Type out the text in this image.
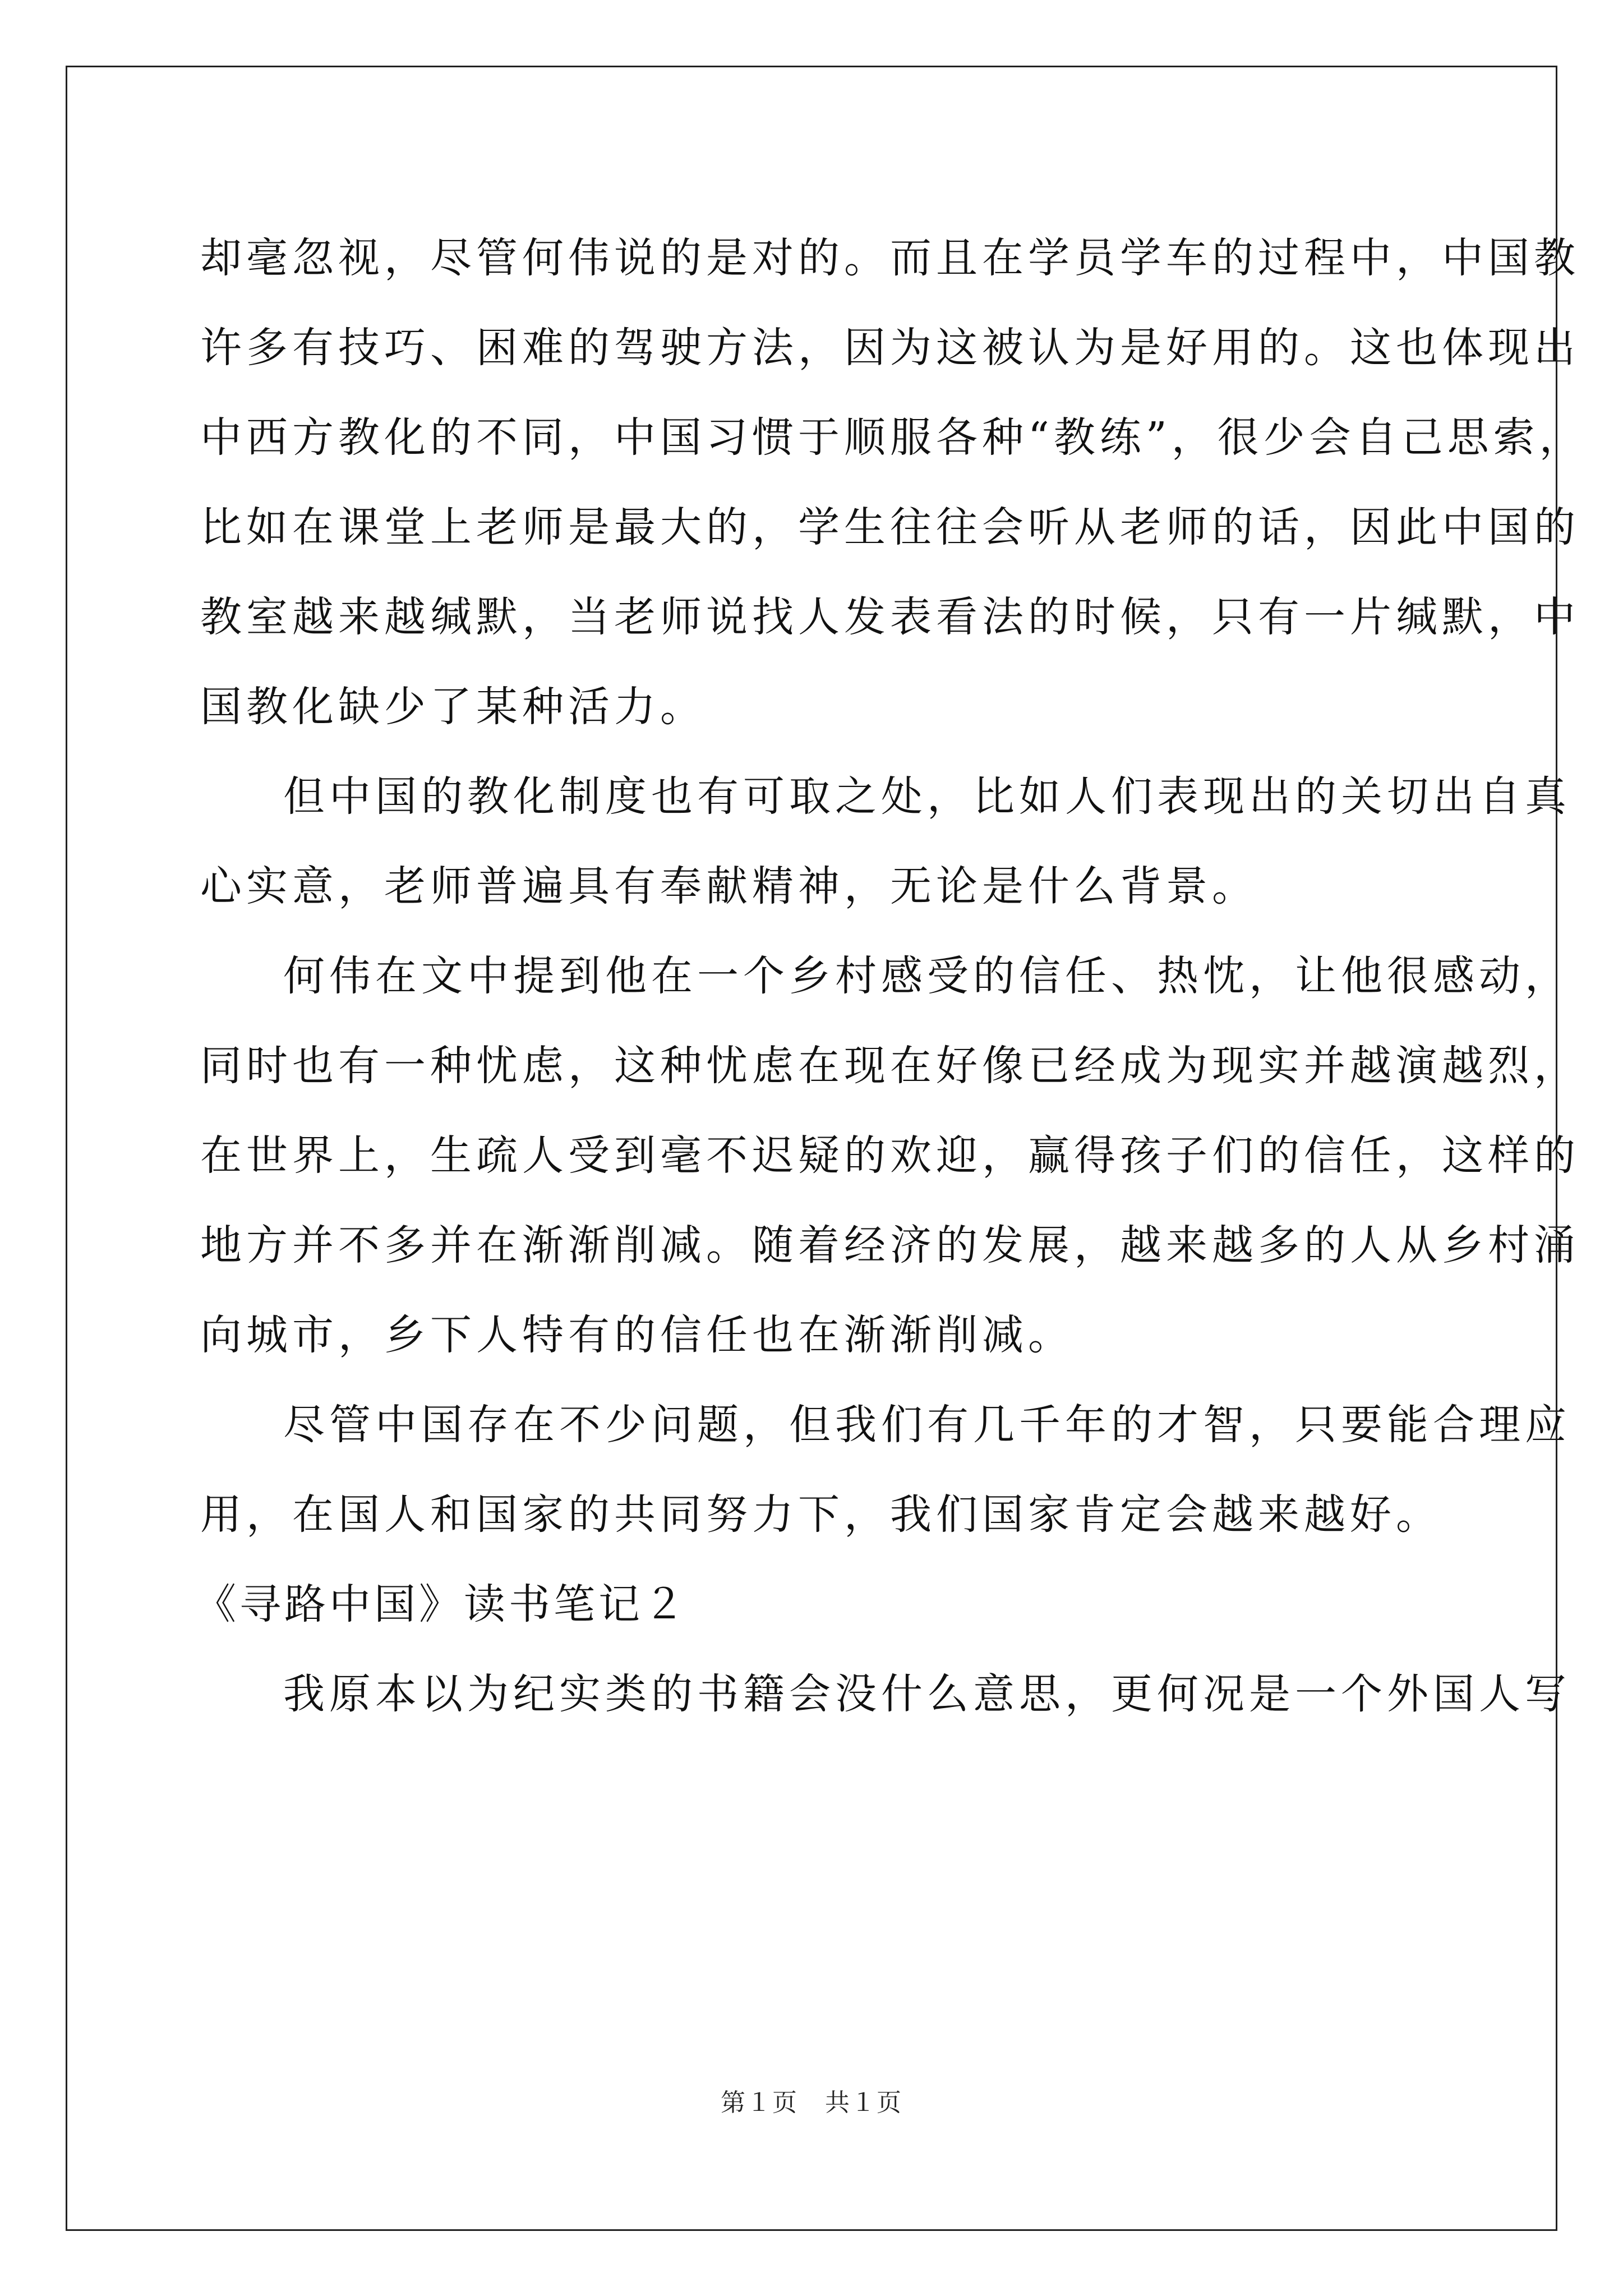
却毫忽视，尽管何伟说的是对的。而且在学员学车的过程中，中国教
许多有技巧、困难的驾驶方法，因为这被认为是好用的。这也体现出
中西方教化的不同，中国习惯于顺服各种“教练”，很少会自己思索，
比如在课堂上老师是最大的，学生往往会听从老师的话，因此中国的
教室越来越缄默，当老师说找人发表看法的时候，只有一片缄默，中
国教化缺少了某种活力。
但中国的教化制度也有可取之处，比如人们表现出的关切出自真
心实意，老师普遍具有奉献精神，无论是什么背景。
何伟在文中提到他在一个乡村感受的信任、热忱，让他很感动，
同时也有一种忧虑，这种忧虑在现在好像已经成为现实并越演越烈，
在世界上，生疏人受到毫不迟疑的欢迎，赢得孩子们的信任，这样的
地方并不多并在渐渐削减。随着经济的发展，越来越多的人从乡村涌
向城市，乡下人特有的信任也在渐渐削减。
尽管中国存在不少问题，但我们有几千年的才智，只要能合理应
用，在国人和国家的共同努力下，我们国家肯定会越来越好。
《寻路中国》读书笔记２
我原本以为纪实类的书籍会没什么意思，更何况是一个外国人写
第１页 共１页
